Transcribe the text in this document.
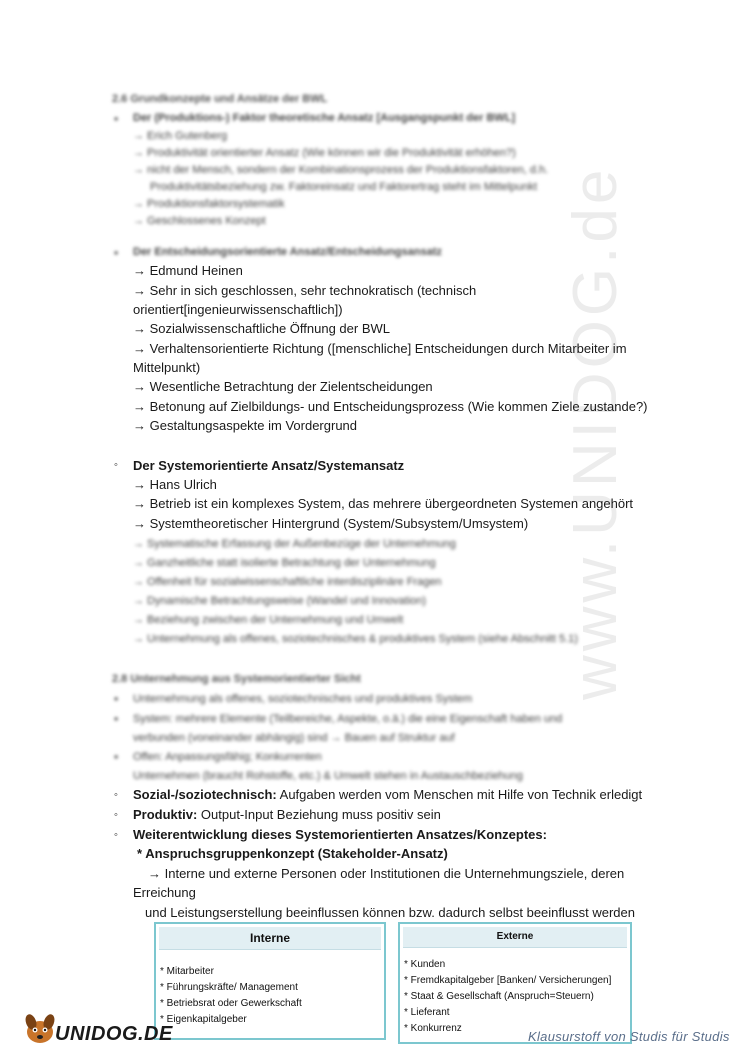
www.UNIDOG.de
2.6 Grundkonzepte und Ansätze der BWL
• Der (Produktions-) Faktor theoretische Ansatz [Ausgangspunkt der BWL]
→ Erich Gutenberg
→ Produktivität orientierter Ansatz (Wie können wir die Produktivität erhöhen?)
→ nicht der Mensch, sondern der Kombinationsprozess der Produktionsfaktoren, d.h.
Produktivitätsbeziehung zw. Faktoreinsatz und Faktorertrag steht im Mittelpunkt
→ Produktionsfaktorsystematik
→ Geschlossenes Konzept
• Der Entscheidungsorientierte Ansatz/Entscheidungsansatz
→ Edmund Heinen
→ Sehr in sich geschlossen, sehr technokratisch (technisch
orientiert[ingenieurwissenschaftlich])
→ Sozialwissenschaftliche Öffnung der BWL
→ Verhaltensorientierte Richtung ([menschliche] Entscheidungen durch Mitarbeiter im
Mittelpunkt)
→ Wesentliche Betrachtung der Zielentscheidungen
→ Betonung auf Zielbildungs- und Entscheidungsprozess (Wie kommen Ziele zustande?)
→ Gestaltungsaspekte im Vordergrund
◦ Der Systemorientierte Ansatz/Systemansatz
→ Hans Ulrich
→ Betrieb ist ein komplexes System, das mehrere übergeordneten Systemen angehört
→ Systemtheoretischer Hintergrund (System/Subsystem/Umsystem)
→ Systematische Erfassung der Außenbezüge der Unternehmung
→ Ganzheitliche statt isolierte Betrachtung der Unternehmung
→ Offenheit für sozialwissenschaftliche interdisziplinäre Fragen
→ Dynamische Betrachtungsweise (Wandel und Innovation)
→ Beziehung zwischen der Unternehmung und Umwelt
→ Unternehmung als offenes, soziotechnisches & produktives System (siehe Abschnitt 5.1)
2.8 Unternehmung aus Systemorientierter Sicht
• Unternehmung als offenes, soziotechnisches und produktives System
• System: mehrere Elemente (Teilbereiche, Aspekte, o.ä.) die eine Eigenschaft haben und
verbunden (voneinander abhängig) sind → Bauen auf Struktur auf
• Offen: Anpassungsfähig; Konkurrenten
Unternehmen (braucht Rohstoffe, etc.) & Umwelt stehen in Austauschbeziehung
◦ Sozial-/soziotechnisch: Aufgaben werden vom Menschen mit Hilfe von Technik erledigt
◦ Produktiv: Output-Input Beziehung muss positiv sein
◦ Weiterentwicklung dieses Systemorientierten Ansatzes/Konzeptes:
* Anspruchsgruppenkonzept (Stakeholder-Ansatz)
→ Interne und externe Personen oder Institutionen die Unternehmungsziele, deren
Erreichung
und Leistungserstellung beeinflussen können bzw. dadurch selbst beeinflusst werden
Interne
* Mitarbeiter
* Führungskräfte/ Management
* Betriebsrat oder Gewerkschaft
* Eigenkapitalgeber
Externe
* Kunden
* Fremdkapitalgeber [Banken/ Versicherungen]
* Staat & Gesellschaft (Anspruch=Steuern)
* Lieferant
* Konkurrenz
UNIDOG.DE	Klausurstoff von Studis für Studis
